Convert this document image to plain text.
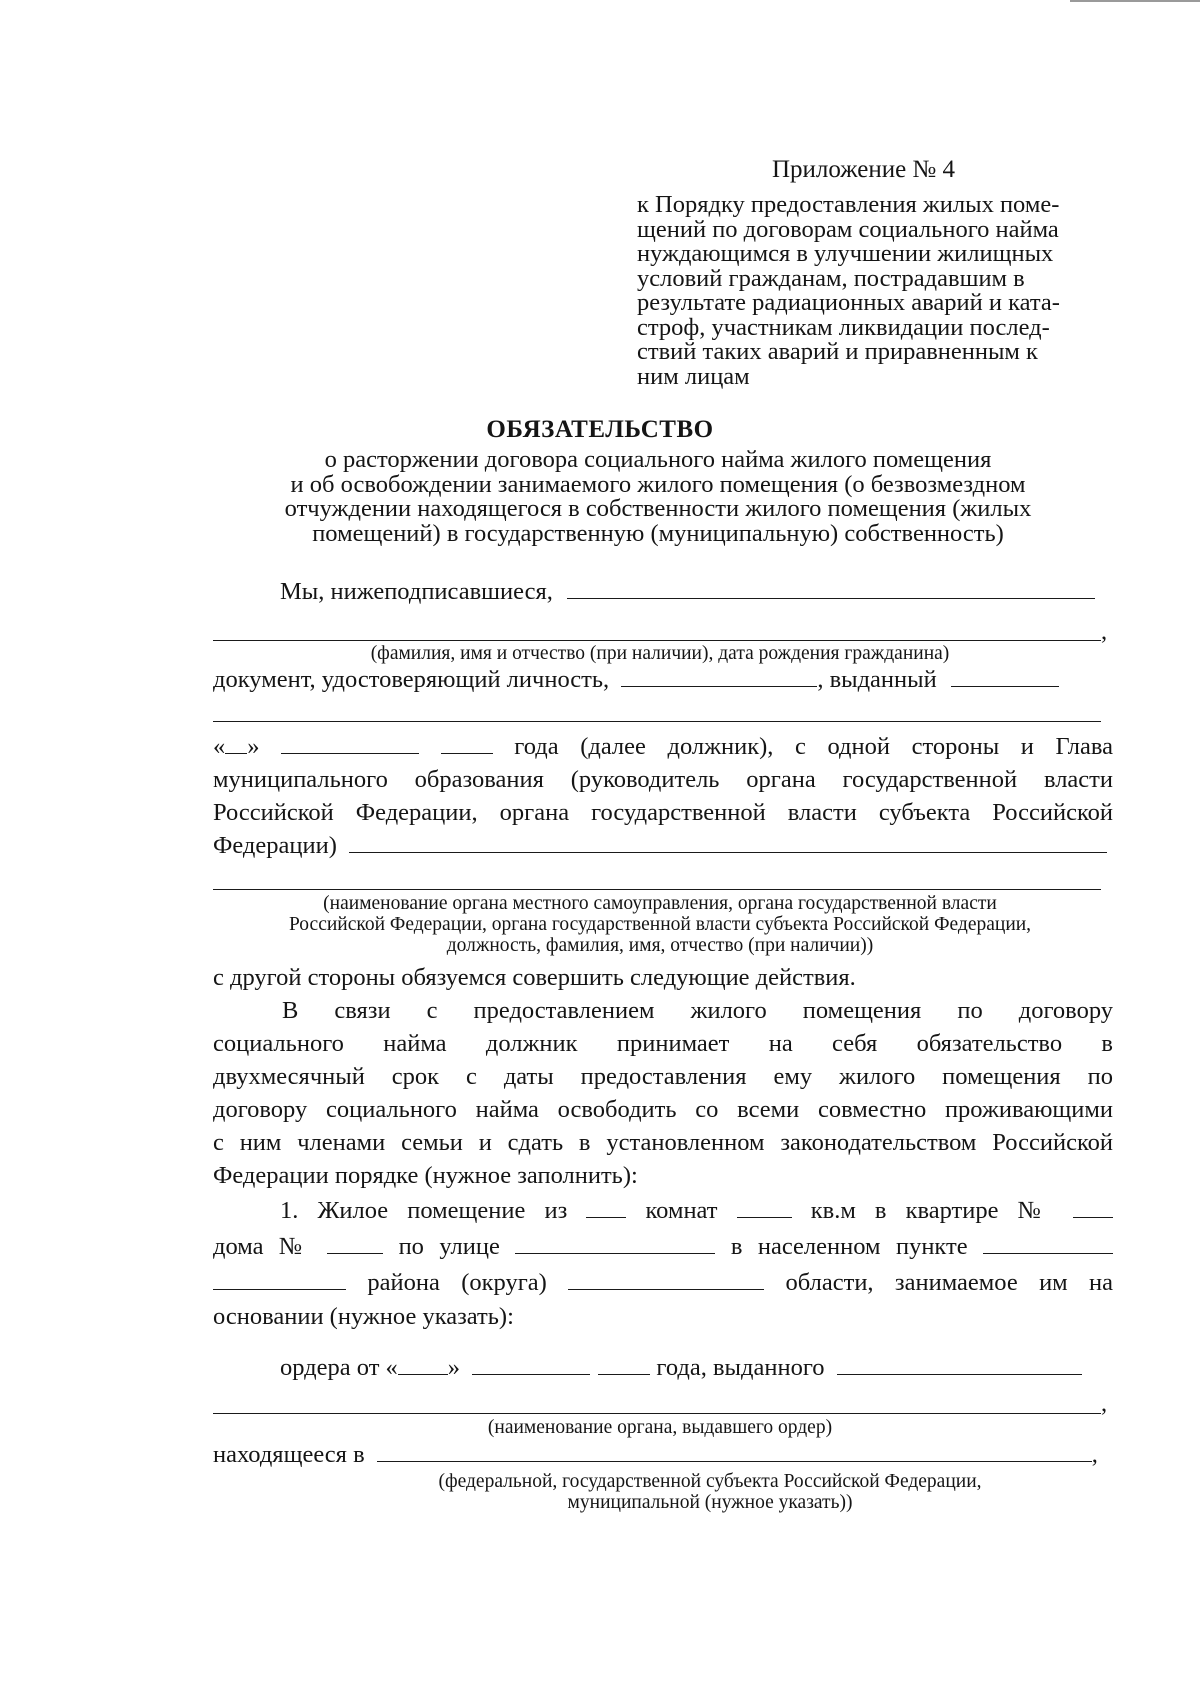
Приложение № 4
к Порядку предоставления жилых поме-
щений по договорам социального найма
нуждающимся в улучшении жилищных
условий гражданам, пострадавшим в
результате радиационных аварий и ката-
строф, участникам ликвидации послед-
ствий таких аварий и приравненным к
ним лицам
ОБЯЗАТЕЛЬСТВО
о расторжении договора социального найма жилого помещения
и об освобождении занимаемого жилого помещения (о безвозмездном
отчуждении находящегося в собственности жилого помещения (жилых
помещений) в государственную (муниципальную) собственность)
Мы, нижеподписавшиеся,
,
(фамилия, имя и отчество (при наличии), дата рождения гражданина)
документ, удостоверяющий личность,	, выданный
« »	года (далее должник), с одной стороны и Глава
муниципального образования (руководитель органа государственной власти
Российской Федерации, органа государственной власти субъекта Российской
Федерации)
(наименование органа местного самоуправления, органа государственной власти
Российской Федерации, органа государственной власти субъекта Российской Федерации,
должность, фамилия, имя, отчество (при наличии))
с другой стороны обязуемся совершить следующие действия.
В связи с предоставлением жилого помещения по договору
социального найма должник принимает на себя обязательство в
двухмесячный срок с даты предоставления ему жилого помещения по
договору социального найма освободить со всеми совместно проживающими
с ним членами семьи и сдать в установленном законодательством Российской
Федерации порядке (нужное заполнить):
1. Жилое помещение из	комнат	кв.м в квартире №
дома №	по улице	в населенном пункте
района (округа)	области, занимаемое им на
основании (нужное указать):
ордера от « »	года, выданного
,
(наименование органа, выдавшего ордер)
находящееся в	,
(федеральной, государственной субъекта Российской Федерации,
муниципальной (нужное указать))
